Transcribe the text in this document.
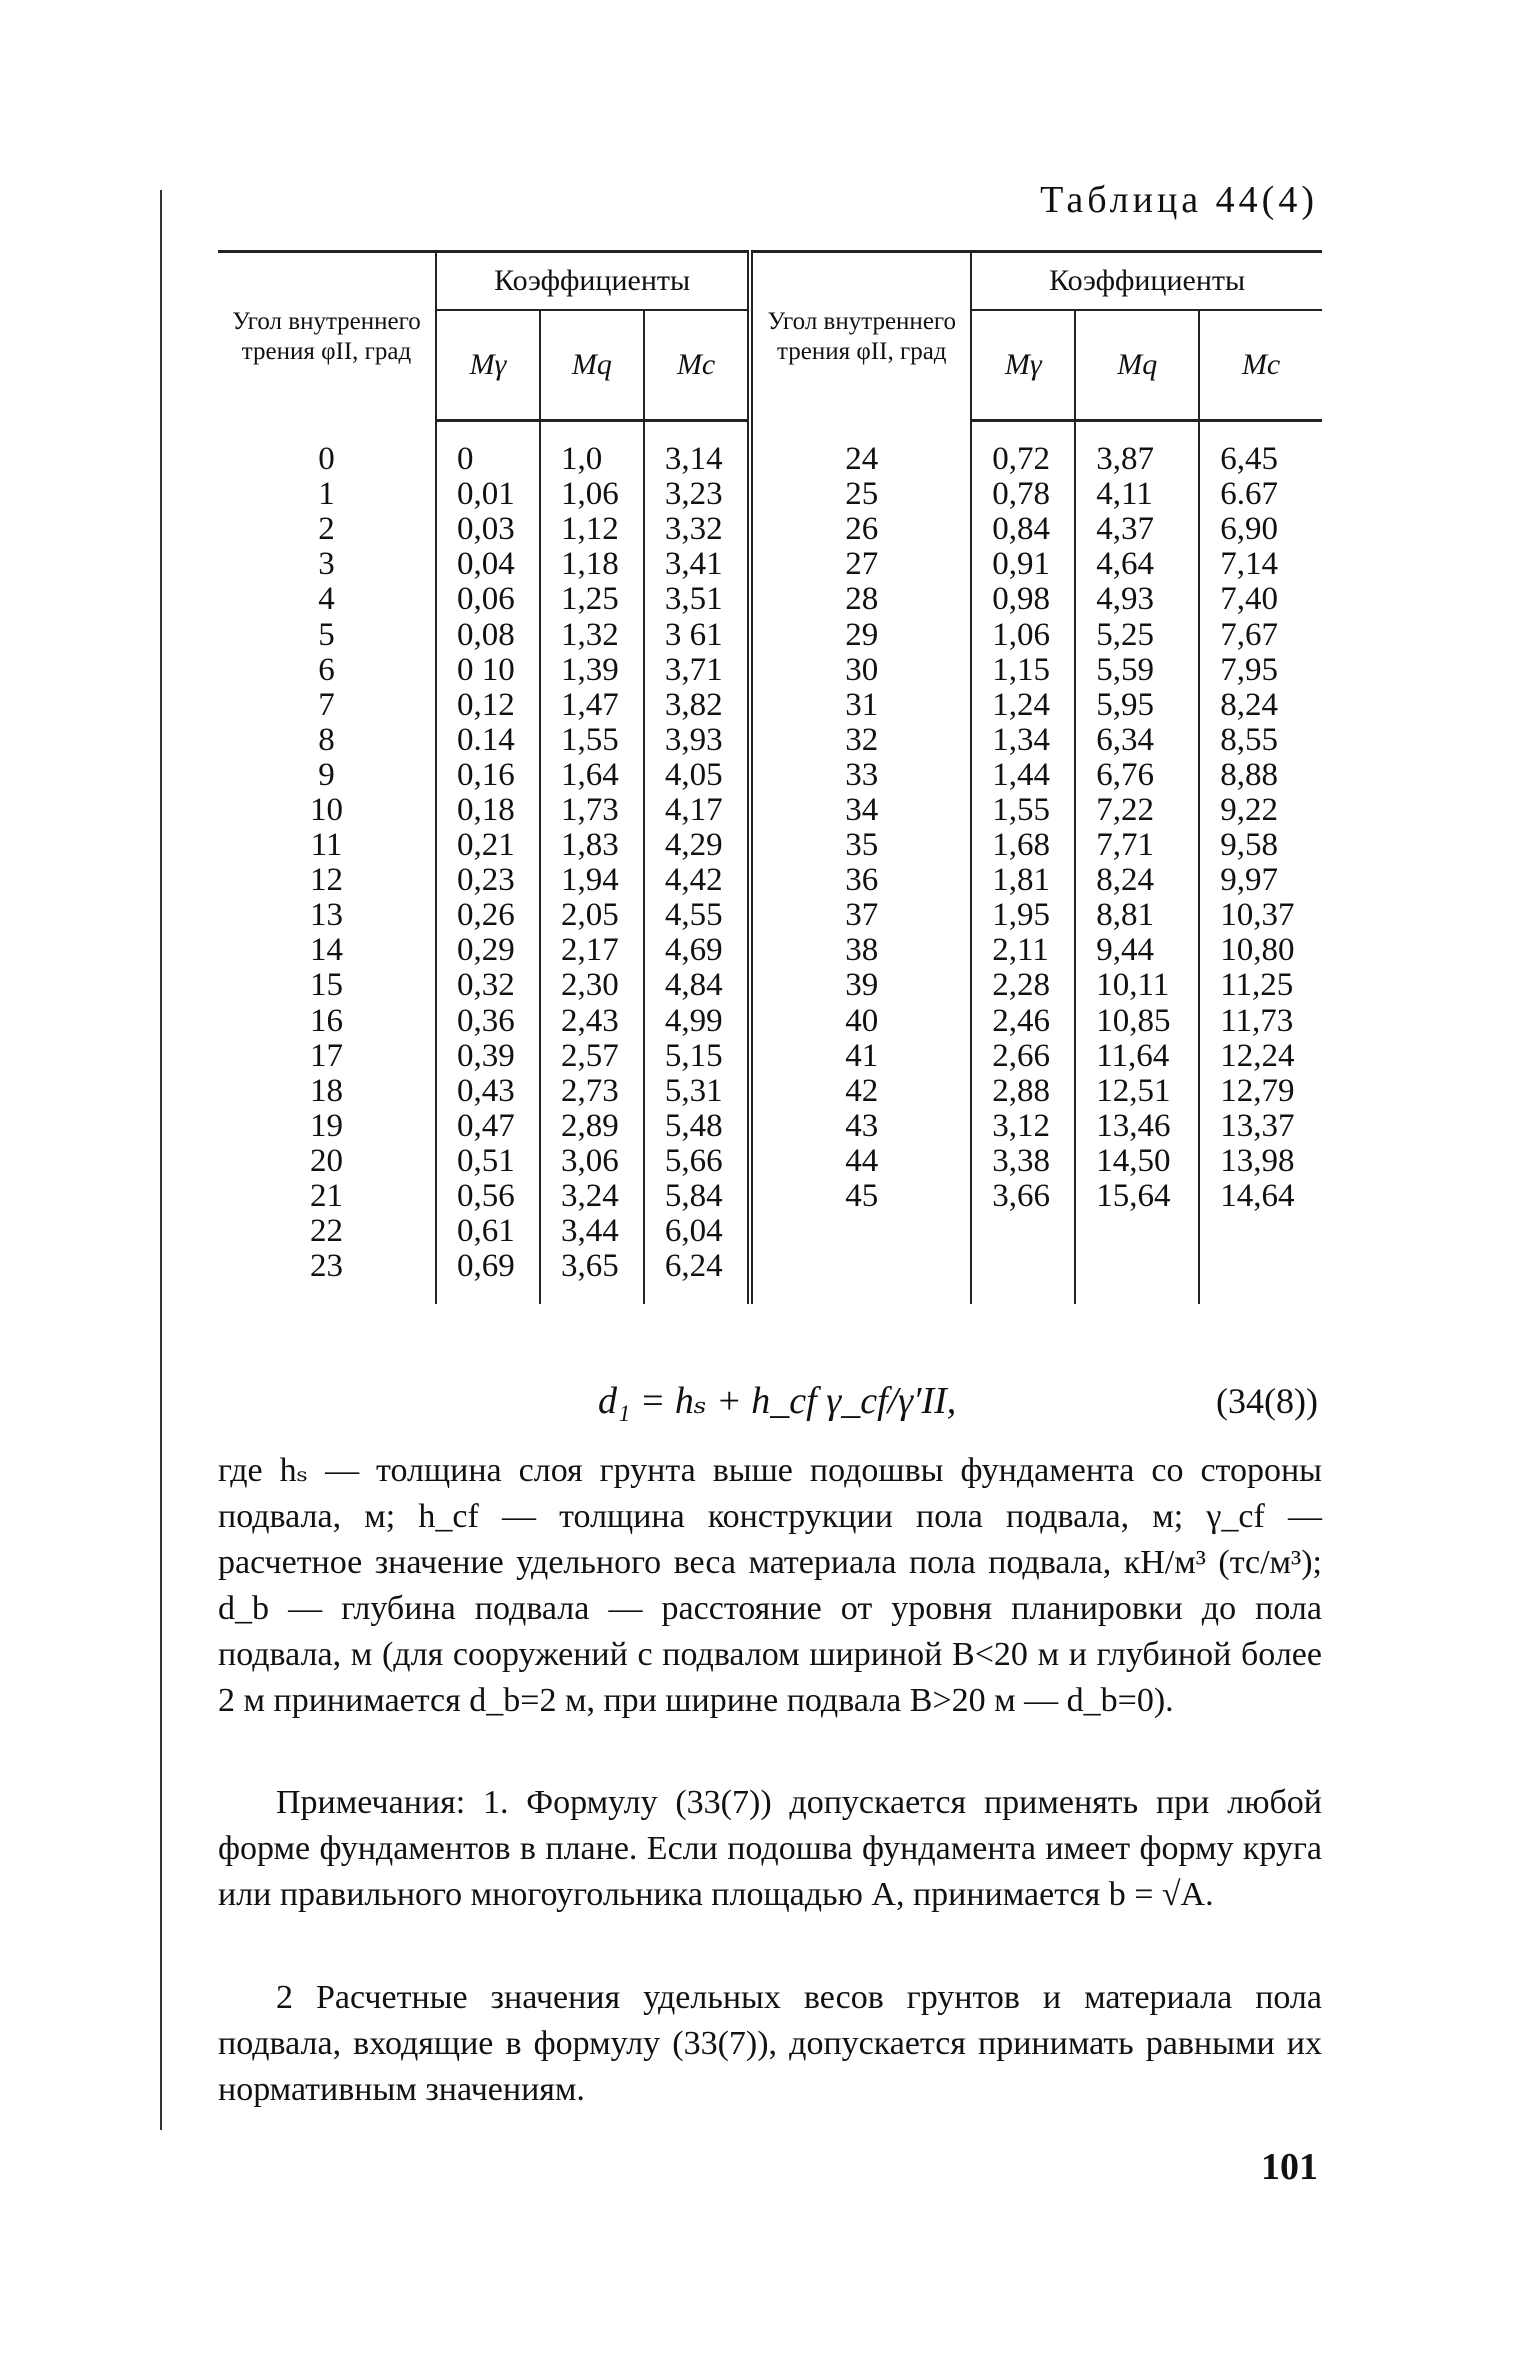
Таблица 44(4)
Угол внутреннего трения φII, град	Коэффициенты			Угол внутреннего трения φII, град	Коэффициенты		
	Mγ	Mq	Mc		Mγ	Mq	Mc

0	0	1,0	3,14	24	0,72	3,87	6,45
1	0,01	1,06	3,23	25	0,78	4,11	6.67
2	0,03	1,12	3,32	26	0,84	4,37	6,90
3	0,04	1,18	3,41	27	0,91	4,64	7,14
4	0,06	1,25	3,51	28	0,98	4,93	7,40
5	0,08	1,32	3 61	29	1,06	5,25	7,67
6	0 10	1,39	3,71	30	1,15	5,59	7,95
7	0,12	1,47	3,82	31	1,24	5,95	8,24
8	0.14	1,55	3,93	32	1,34	6,34	8,55
9	0,16	1,64	4,05	33	1,44	6,76	8,88
10	0,18	1,73	4,17	34	1,55	7,22	9,22
11	0,21	1,83	4,29	35	1,68	7,71	9,58
12	0,23	1,94	4,42	36	1,81	8,24	9,97
13	0,26	2,05	4,55	37	1,95	8,81	10,37
14	0,29	2,17	4,69	38	2,11	9,44	10,80
15	0,32	2,30	4,84	39	2,28	10,11	11,25
16	0,36	2,43	4,99	40	2,46	10,85	11,73
17	0,39	2,57	5,15	41	2,66	11,64	12,24
18	0,43	2,73	5,31	42	2,88	12,51	12,79
19	0,47	2,89	5,48	43	3,12	13,46	13,37
20	0,51	3,06	5,66	44	3,38	14,50	13,98
21	0,56	3,24	5,84	45	3,66	15,64	14,64
22	0,61	3,44	6,04				
23	0,69	3,65	6,24				

d₁ = hₛ + h_cf γ_cf/γ′II,	(34(8))

где hₛ — толщина слоя грунта выше подошвы фундамента со стороны подвала, м; h_cf — толщина конструкции пола подвала, м; γ_cf — расчетное значение удельного веса материала пола подвала, кН/м³ (тс/м³); d_b — глубина подвала — расстояние от уровня планировки до пола подвала, м (для сооружений с подвалом шириной B<20 м и глубиной более 2 м принимается d_b=2 м, при ширине подвала B>20 м — d_b=0).

Примечания: 1. Формулу (33(7)) допускается применять при любой форме фундаментов в плане. Если подошва фундамента имеет форму круга или правильного многоугольника площадью A, принимается b = √A.

2 Расчетные значения удельных весов грунтов и материала пола подвала, входящие в формулу (33(7)), допускается принимать равными их нормативным значениям.

101
